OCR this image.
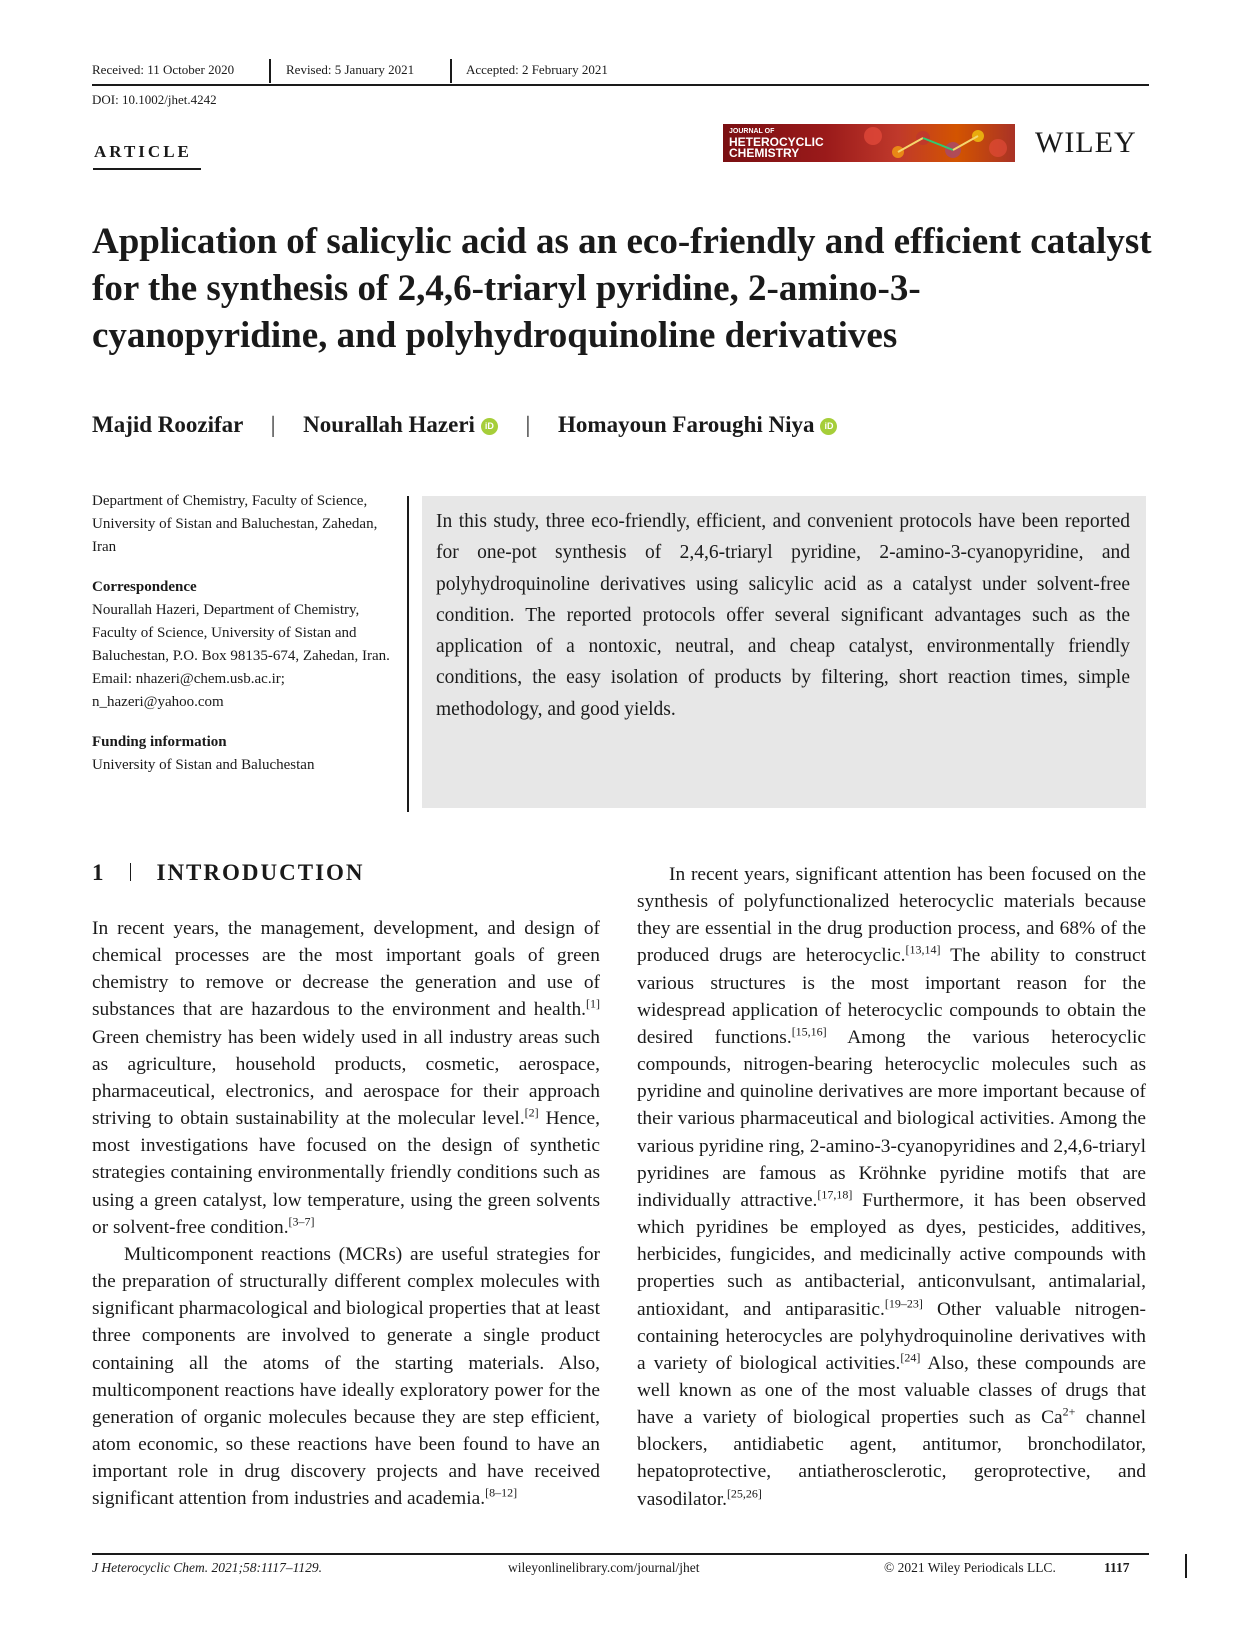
Received: 11 October 2020	Revised: 5 January 2021	Accepted: 2 February 2021
DOI: 10.1002/jhet.4242
ARTICLE
JOURNAL OF
HETEROCYCLIC
CHEMISTRY	WILEY
Application of salicylic acid as an eco-friendly and efficient catalyst for the synthesis of 2,4,6-triaryl pyridine, 2-amino-3-cyanopyridine, and polyhydroquinoline derivatives
Majid Roozifar | Nourallah Hazeri iD | Homayoun Faroughi Niya iD
Department of Chemistry, Faculty of Science, University of Sistan and Baluchestan, Zahedan, Iran
Correspondence
Nourallah Hazeri, Department of Chemistry, Faculty of Science, University of Sistan and Baluchestan, P.O. Box 98135-674, Zahedan, Iran.
Email: nhazeri@chem.usb.ac.ir; n_hazeri@yahoo.com
Funding information
University of Sistan and Baluchestan

In this study, three eco-friendly, efficient, and convenient protocols have been reported for one-pot synthesis of 2,4,6-triaryl pyridine, 2-amino-3-cyanopyridine, and polyhydroquinoline derivatives using salicylic acid as a catalyst under solvent-free condition. The reported protocols offer several significant advantages such as the application of a nontoxic, neutral, and cheap catalyst, environmentally friendly conditions, the easy isolation of products by filtering, short reaction times, simple methodology, and good yields.

1 INTRODUCTION

In recent years, the management, development, and design of chemical processes are the most important goals of green chemistry to remove or decrease the generation and use of substances that are hazardous to the environment and health.[1] Green chemistry has been widely used in all industry areas such as agriculture, household products, cosmetic, aerospace, pharmaceutical, electronics, and aerospace for their approach striving to obtain sustainability at the molecular level.[2] Hence, most investigations have focused on the design of synthetic strategies containing environmentally friendly conditions such as using a green catalyst, low temperature, using the green solvents or solvent-free condition.[3–7]

Multicomponent reactions (MCRs) are useful strategies for the preparation of structurally different complex molecules with significant pharmacological and biological properties that at least three components are involved to generate a single product containing all the atoms of the starting materials. Also, multicomponent reactions have ideally exploratory power for the generation of organic molecules because they are step efficient, atom economic, so these reactions have been found to have an important role in drug discovery projects and have received significant attention from industries and academia.[8–12]

In recent years, significant attention has been focused on the synthesis of polyfunctionalized heterocyclic materials because they are essential in the drug production process, and 68% of the produced drugs are heterocyclic.[13,14] The ability to construct various structures is the most important reason for the widespread application of heterocyclic compounds to obtain the desired functions.[15,16] Among the various heterocyclic compounds, nitrogen-bearing heterocyclic molecules such as pyridine and quinoline derivatives are more important because of their various pharmaceutical and biological activities. Among the various pyridine ring, 2-amino-3-cyanopyridines and 2,4,6-triaryl pyridines are famous as Kröhnke pyridine motifs that are individually attractive.[17,18] Furthermore, it has been observed which pyridines be employed as dyes, pesticides, additives, herbicides, fungicides, and medicinally active compounds with properties such as antibacterial, anticonvulsant, antimalarial, antioxidant, and antiparasitic.[19–23] Other valuable nitrogen-containing heterocycles are polyhydroquinoline derivatives with a variety of biological activities.[24] Also, these compounds are well known as one of the most valuable classes of drugs that have a variety of biological properties such as $Ca^{2+}$ channel blockers, antidiabetic agent, antitumor, bronchodilator, hepatoprotective, antiatherosclerotic, geroprotective, and vasodilator.[25,26]

J Heterocyclic Chem. 2021;58:1117–1129.	wileyonlinelibrary.com/journal/jhet	© 2021 Wiley Periodicals LLC.	1117
